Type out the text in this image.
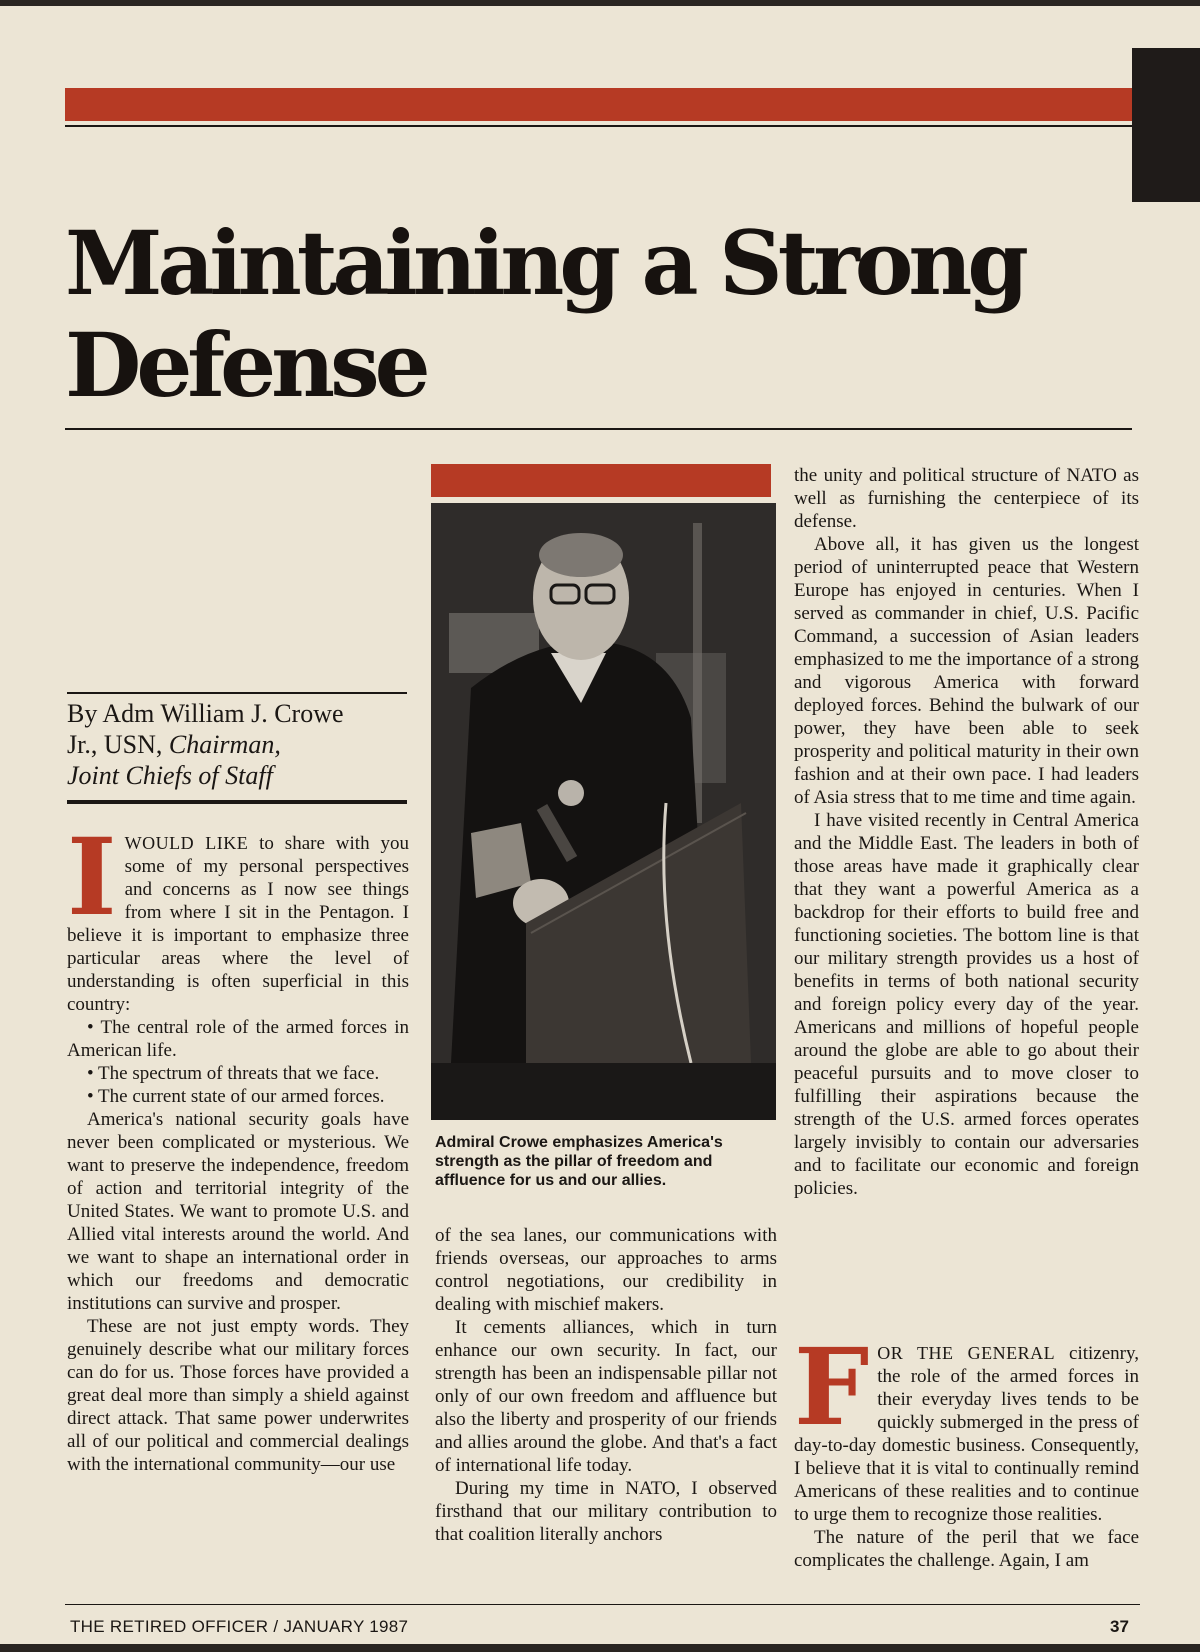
Maintaining a Strong
Defense
By Adm William J. Crowe
Jr., USN, Chairman,
Joint Chiefs of Staff

IWOULD LIKE to share with you some of my personal perspectives and concerns as I now see things from where I sit in the Pentagon. I believe it is important to emphasize three particular areas where the level of understanding is often superficial in this country:

• The central role of the armed forces in American life.

• The spectrum of threats that we face.

• The current state of our armed forces.

America's national security goals have never been complicated or mysterious. We want to preserve the independence, freedom of action and territorial integrity of the United States. We want to promote U.S. and Allied vital interests around the world. And we want to shape an international order in which our freedoms and democratic institutions can survive and prosper.

These are not just empty words. They genuinely describe what our military forces can do for us. Those forces have provided a great deal more than simply a shield against direct attack. That same power underwrites all of our political and commercial dealings with the international community—our use

Admiral Crowe emphasizes America's strength as the pillar of freedom and affluence for us and our allies.

of the sea lanes, our communications with friends overseas, our approaches to arms control negotiations, our credibility in dealing with mischief makers.

It cements alliances, which in turn enhance our own security. In fact, our strength has been an indispensable pillar not only of our own freedom and affluence but also the liberty and prosperity of our friends and allies around the globe. And that's a fact of international life today.

During my time in NATO, I observed firsthand that our military contribution to that coalition literally anchors

the unity and political structure of NATO as well as furnishing the centerpiece of its defense.

Above all, it has given us the longest period of uninterrupted peace that Western Europe has enjoyed in centuries. When I served as commander in chief, U.S. Pacific Command, a succession of Asian leaders emphasized to me the importance of a strong and vigorous America with forward deployed forces. Behind the bulwark of our power, they have been able to seek prosperity and political maturity in their own fashion and at their own pace. I had leaders of Asia stress that to me time and time again.

I have visited recently in Central America and the Middle East. The leaders in both of those areas have made it graphically clear that they want a powerful America as a backdrop for their efforts to build free and functioning societies. The bottom line is that our military strength provides us a host of benefits in terms of both national security and foreign policy every day of the year. Americans and millions of hopeful people around the globe are able to go about their peaceful pursuits and to move closer to fulfilling their aspirations because the strength of the U.S. armed forces operates largely invisibly to contain our adversaries and to facilitate our economic and foreign policies.

FOR THE GENERAL citizenry, the role of the armed forces in their everyday lives tends to be quickly submerged in the press of day-to-day domestic business. Consequently, I believe that it is vital to continually remind Americans of these realities and to continue to urge them to recognize those realities.

The nature of the peril that we face complicates the challenge. Again, I am

THE RETIRED OFFICER / JANUARY 1987	37
